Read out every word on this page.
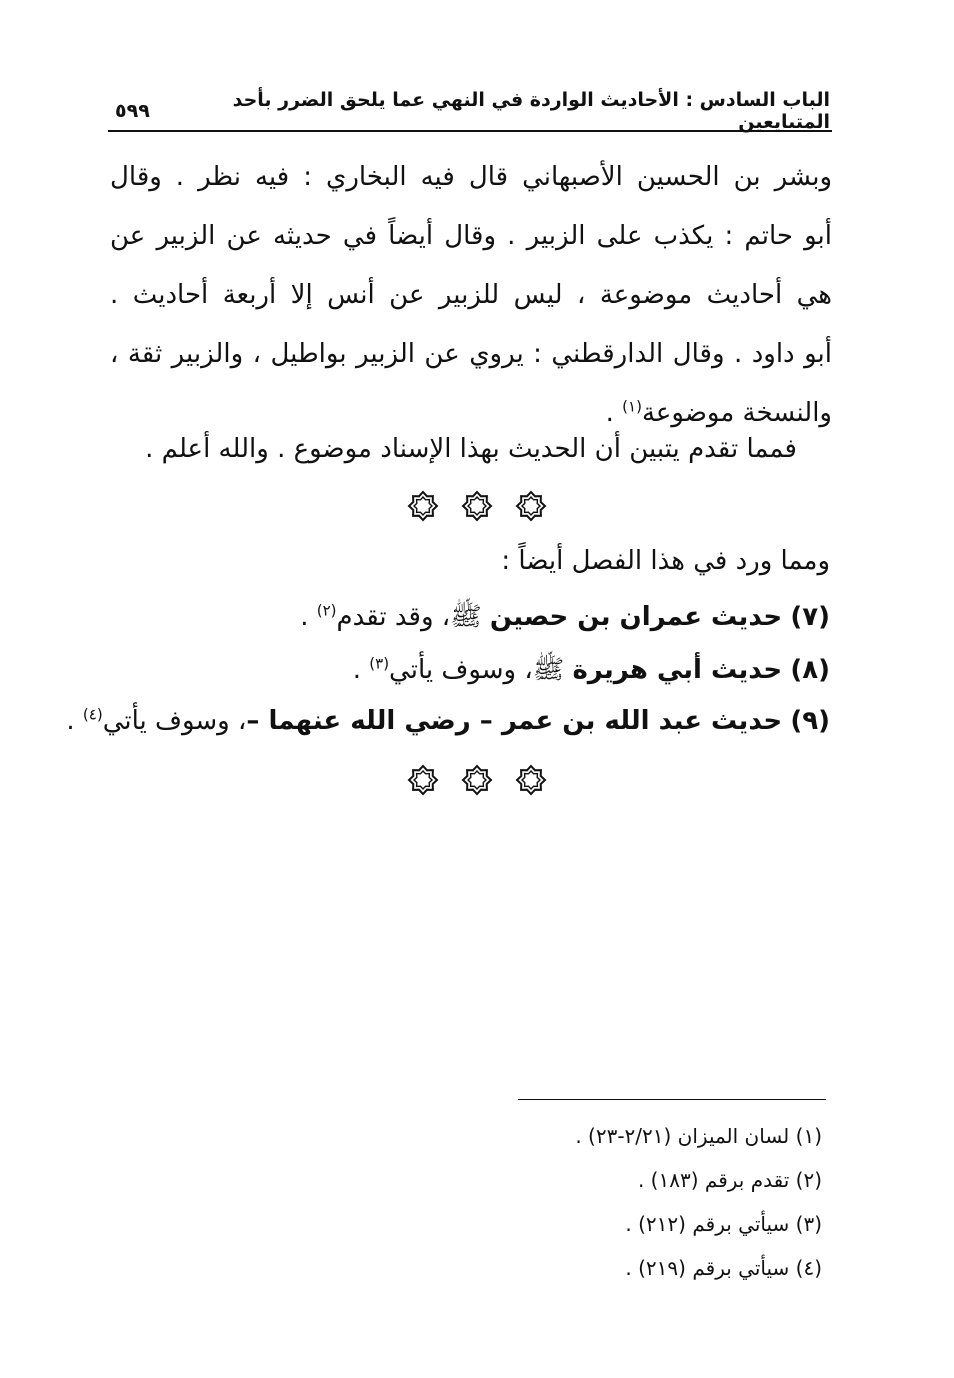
الباب السادس : الأحاديث الواردة في النهي عما يلحق الضرر بأحد المتبايعين
٥٩٩
وبشر بن الحسين الأصبهاني قال فيه البخاري : فيه نظر . وقال
أبو حاتم : يكذب على الزبير . وقال أيضاً في حديثه عن الزبير عن
هي أحاديث موضوعة ، ليس للزبير عن أنس إلا أربعة أحاديث .
أبو داود . وقال الدارقطني : يروي عن الزبير بواطيل ، والزبير ثقة ،
والنسخة موضوعة$^{(١)}$ .
فمما تقدم يتبين أن الحديث بهذا الإسناد موضوع . والله أعلم .
ومما ورد في هذا الفصل أيضاً :
(٧) حديث عمران بن حصين ﷺ، وقد تقدم$^{(٢)}$ .
(٨) حديث أبي هريرة ﷺ، وسوف يأتي$^{(٣)}$ .
(٩) حديث عبد الله بن عمر – رضي الله عنهما –، وسوف يأتي$^{(٤)}$ .
(١) لسان الميزان (٢/٢١-٢٣) .
(٢) تقدم برقم (١٨٣) .
(٣) سيأتي برقم (٢١٢) .
(٤) سيأتي برقم (٢١٩) .
